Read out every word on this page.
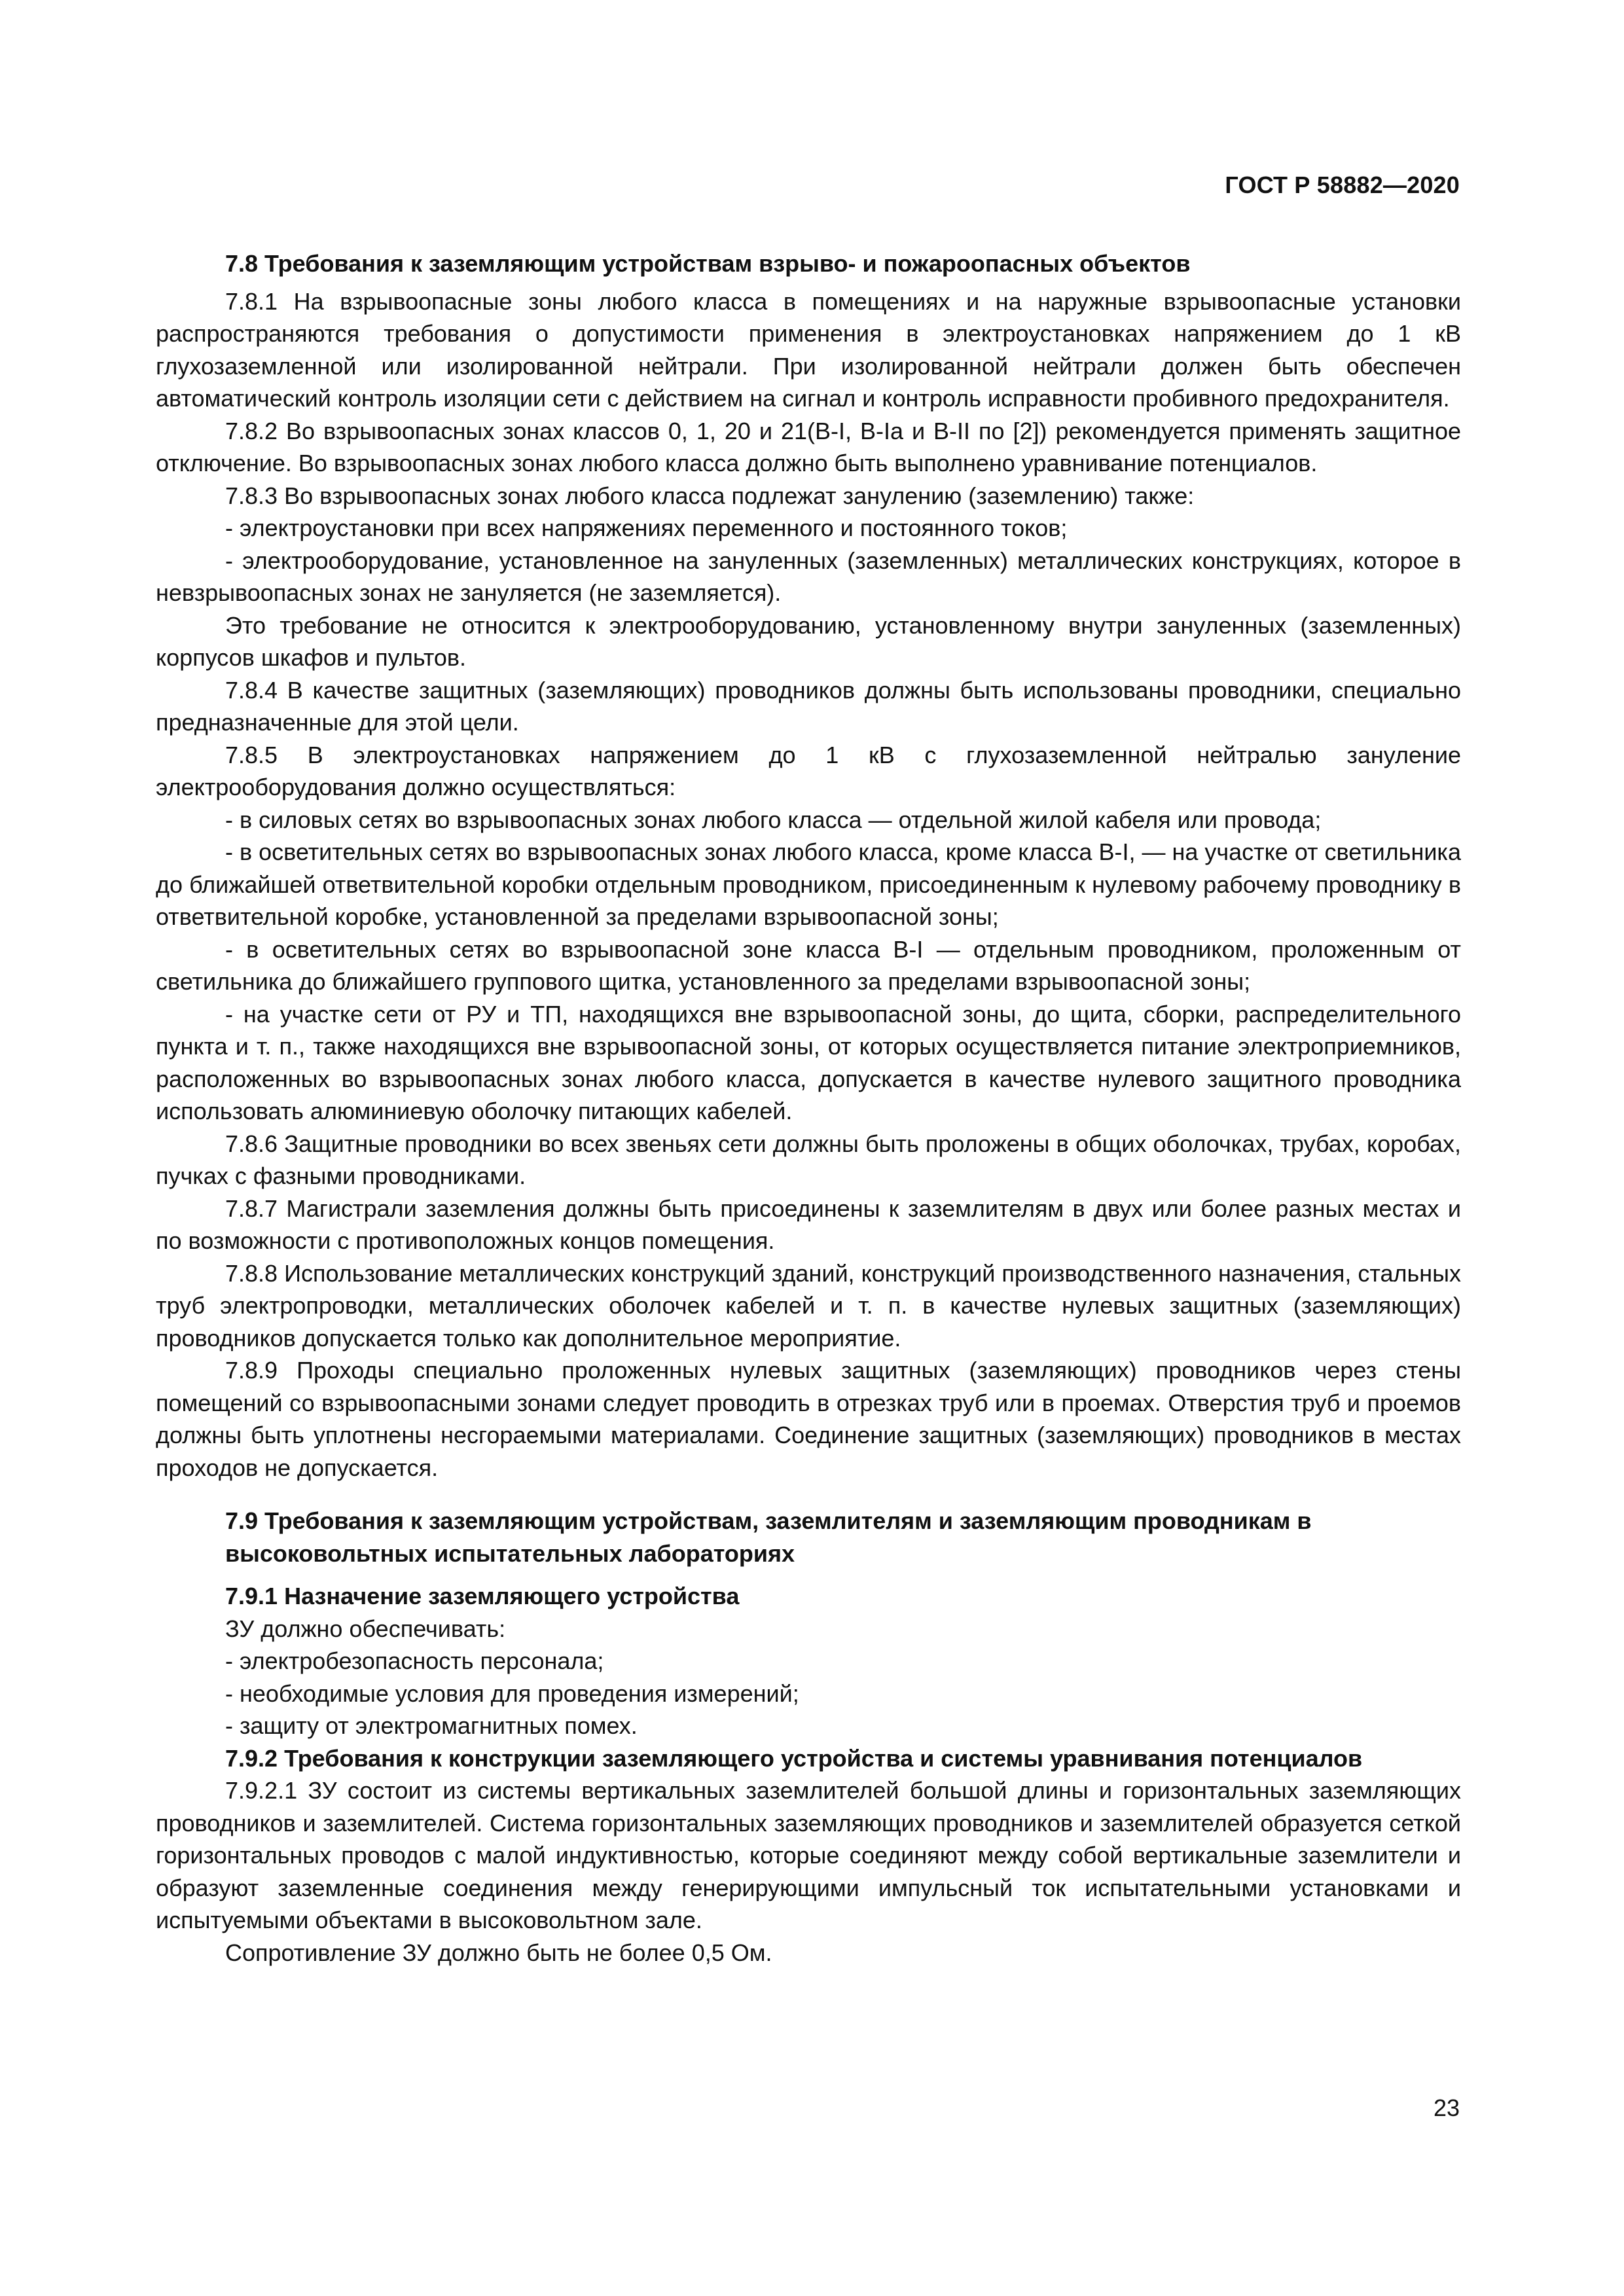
ГОСТ Р 58882—2020

7.8 Требования к заземляющим устройствам взрыво- и пожароопасных объектов

7.8.1 На взрывоопасные зоны любого класса в помещениях и на наружные взрывоопасные установки распространяются требования о допустимости применения в электроустановках напряжением до 1 кВ глухозаземленной или изолированной нейтрали. При изолированной нейтрали должен быть обеспечен автоматический контроль изоляции сети с действием на сигнал и контроль исправности пробивного предохранителя.

7.8.2 Во взрывоопасных зонах классов 0, 1, 20 и 21(В-I, В-Ia и В-II по [2]) рекомендуется применять защитное отключение. Во взрывоопасных зонах любого класса должно быть выполнено уравнивание потенциалов.

7.8.3 Во взрывоопасных зонах любого класса подлежат занулению (заземлению) также:

- электроустановки при всех напряжениях переменного и постоянного токов;

- электрооборудование, установленное на зануленных (заземленных) металлических конструкциях, которое в невзрывоопасных зонах не зануляется (не заземляется).

Это требование не относится к электрооборудованию, установленному внутри зануленных (заземленных) корпусов шкафов и пультов.

7.8.4 В качестве защитных (заземляющих) проводников должны быть использованы проводники, специально предназначенные для этой цели.

7.8.5 В электроустановках напряжением до 1 кВ с глухозаземленной нейтралью зануление электрооборудования должно осуществляться:

- в силовых сетях во взрывоопасных зонах любого класса — отдельной жилой кабеля или провода;

- в осветительных сетях во взрывоопасных зонах любого класса, кроме класса В-I, — на участке от светильника до ближайшей ответвительной коробки отдельным проводником, присоединенным к нулевому рабочему проводнику в ответвительной коробке, установленной за пределами взрывоопасной зоны;

- в осветительных сетях во взрывоопасной зоне класса В-I — отдельным проводником, проложенным от светильника до ближайшего группового щитка, установленного за пределами взрывоопасной зоны;

- на участке сети от РУ и ТП, находящихся вне взрывоопасной зоны, до щита, сборки, распределительного пункта и т. п., также находящихся вне взрывоопасной зоны, от которых осуществляется питание электроприемников, расположенных во взрывоопасных зонах любого класса, допускается в качестве нулевого защитного проводника использовать алюминиевую оболочку питающих кабелей.

7.8.6 Защитные проводники во всех звеньях сети должны быть проложены в общих оболочках, трубах, коробах, пучках с фазными проводниками.

7.8.7 Магистрали заземления должны быть присоединены к заземлителям в двух или более разных местах и по возможности с противоположных концов помещения.

7.8.8 Использование металлических конструкций зданий, конструкций производственного назначения, стальных труб электропроводки, металлических оболочек кабелей и т. п. в качестве нулевых защитных (заземляющих) проводников допускается только как дополнительное мероприятие.

7.8.9 Проходы специально проложенных нулевых защитных (заземляющих) проводников через стены помещений со взрывоопасными зонами следует проводить в отрезках труб или в проемах. Отверстия труб и проемов должны быть уплотнены несгораемыми материалами. Соединение защитных (заземляющих) проводников в местах проходов не допускается.

7.9 Требования к заземляющим устройствам, заземлителям и заземляющим проводникам в высоковольтных испытательных лабораториях

7.9.1 Назначение заземляющего устройства

ЗУ должно обеспечивать:

- электробезопасность персонала;

- необходимые условия для проведения измерений;

- защиту от электромагнитных помех.

7.9.2 Требования к конструкции заземляющего устройства и системы уравнивания потенциалов

7.9.2.1 ЗУ состоит из системы вертикальных заземлителей большой длины и горизонтальных заземляющих проводников и заземлителей. Система горизонтальных заземляющих проводников и заземлителей образуется сеткой горизонтальных проводов с малой индуктивностью, которые соединяют между собой вертикальные заземлители и образуют заземленные соединения между генерирующими импульсный ток испытательными установками и испытуемыми объектами в высоковольтном зале.

Сопротивление ЗУ должно быть не более 0,5 Ом.

23
